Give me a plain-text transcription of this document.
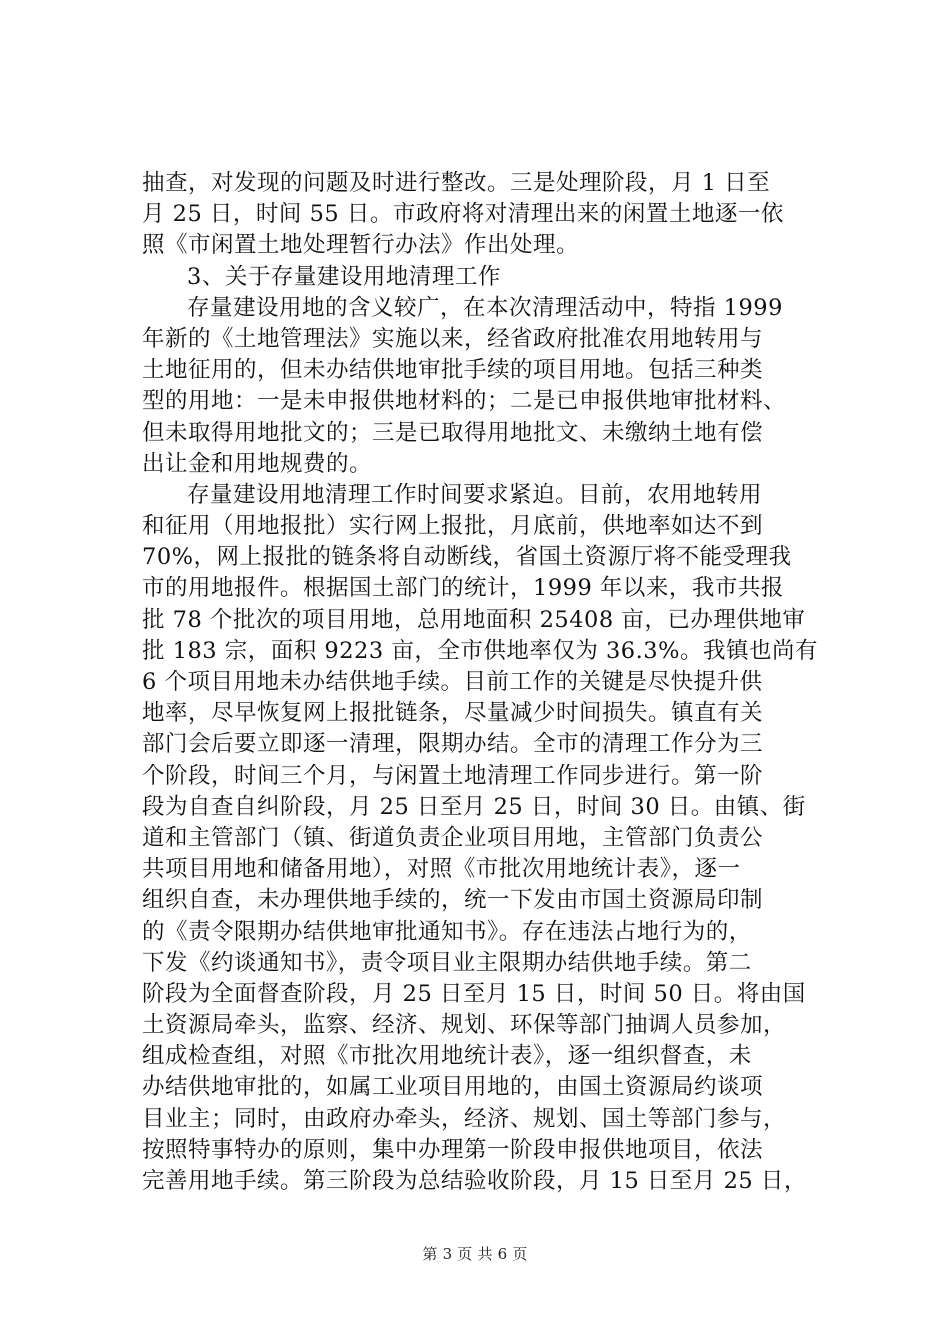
抽查，对发现的问题及时进行整改。三是处理阶段，月 1 日至
月 25 日，时间 55 日。市政府将对清理出来的闲置土地逐一依
照《市闲置土地处理暂行办法》作出处理。
3、关于存量建设用地清理工作
存量建设用地的含义较广，在本次清理活动中，特指 1999
年新的《土地管理法》实施以来，经省政府批准农用地转用与
土地征用的，但未办结供地审批手续的项目用地。包括三种类
型的用地：一是未申报供地材料的；二是已申报供地审批材料、
但未取得用地批文的；三是已取得用地批文、未缴纳土地有偿
出让金和用地规费的。
存量建设用地清理工作时间要求紧迫。目前，农用地转用
和征用（用地报批）实行网上报批，月底前，供地率如达不到
70%，网上报批的链条将自动断线，省国土资源厅将不能受理我
市的用地报件。根据国土部门的统计，1999 年以来，我市共报
批 78 个批次的项目用地，总用地面积 25408 亩，已办理供地审
批 183 宗，面积 9223 亩，全市供地率仅为 36.3%。我镇也尚有
6 个项目用地未办结供地手续。目前工作的关键是尽快提升供
地率，尽早恢复网上报批链条，尽量减少时间损失。镇直有关
部门会后要立即逐一清理，限期办结。全市的清理工作分为三
个阶段，时间三个月，与闲置土地清理工作同步进行。第一阶
段为自查自纠阶段，月 25 日至月 25 日，时间 30 日。由镇、街
道和主管部门（镇、街道负责企业项目用地，主管部门负责公
共项目用地和储备用地），对照《市批次用地统计表》，逐一
组织自查，未办理供地手续的，统一下发由市国土资源局印制
的《责令限期办结供地审批通知书》。存在违法占地行为的，
下发《约谈通知书》，责令项目业主限期办结供地手续。第二
阶段为全面督查阶段，月 25 日至月 15 日，时间 50 日。将由国
土资源局牵头，监察、经济、规划、环保等部门抽调人员参加，
组成检查组，对照《市批次用地统计表》，逐一组织督查，未
办结供地审批的，如属工业项目用地的，由国土资源局约谈项
目业主；同时，由政府办牵头，经济、规划、国土等部门参与，
按照特事特办的原则，集中办理第一阶段申报供地项目，依法
完善用地手续。第三阶段为总结验收阶段，月 15 日至月 25 日，
第 3 页 共 6 页
